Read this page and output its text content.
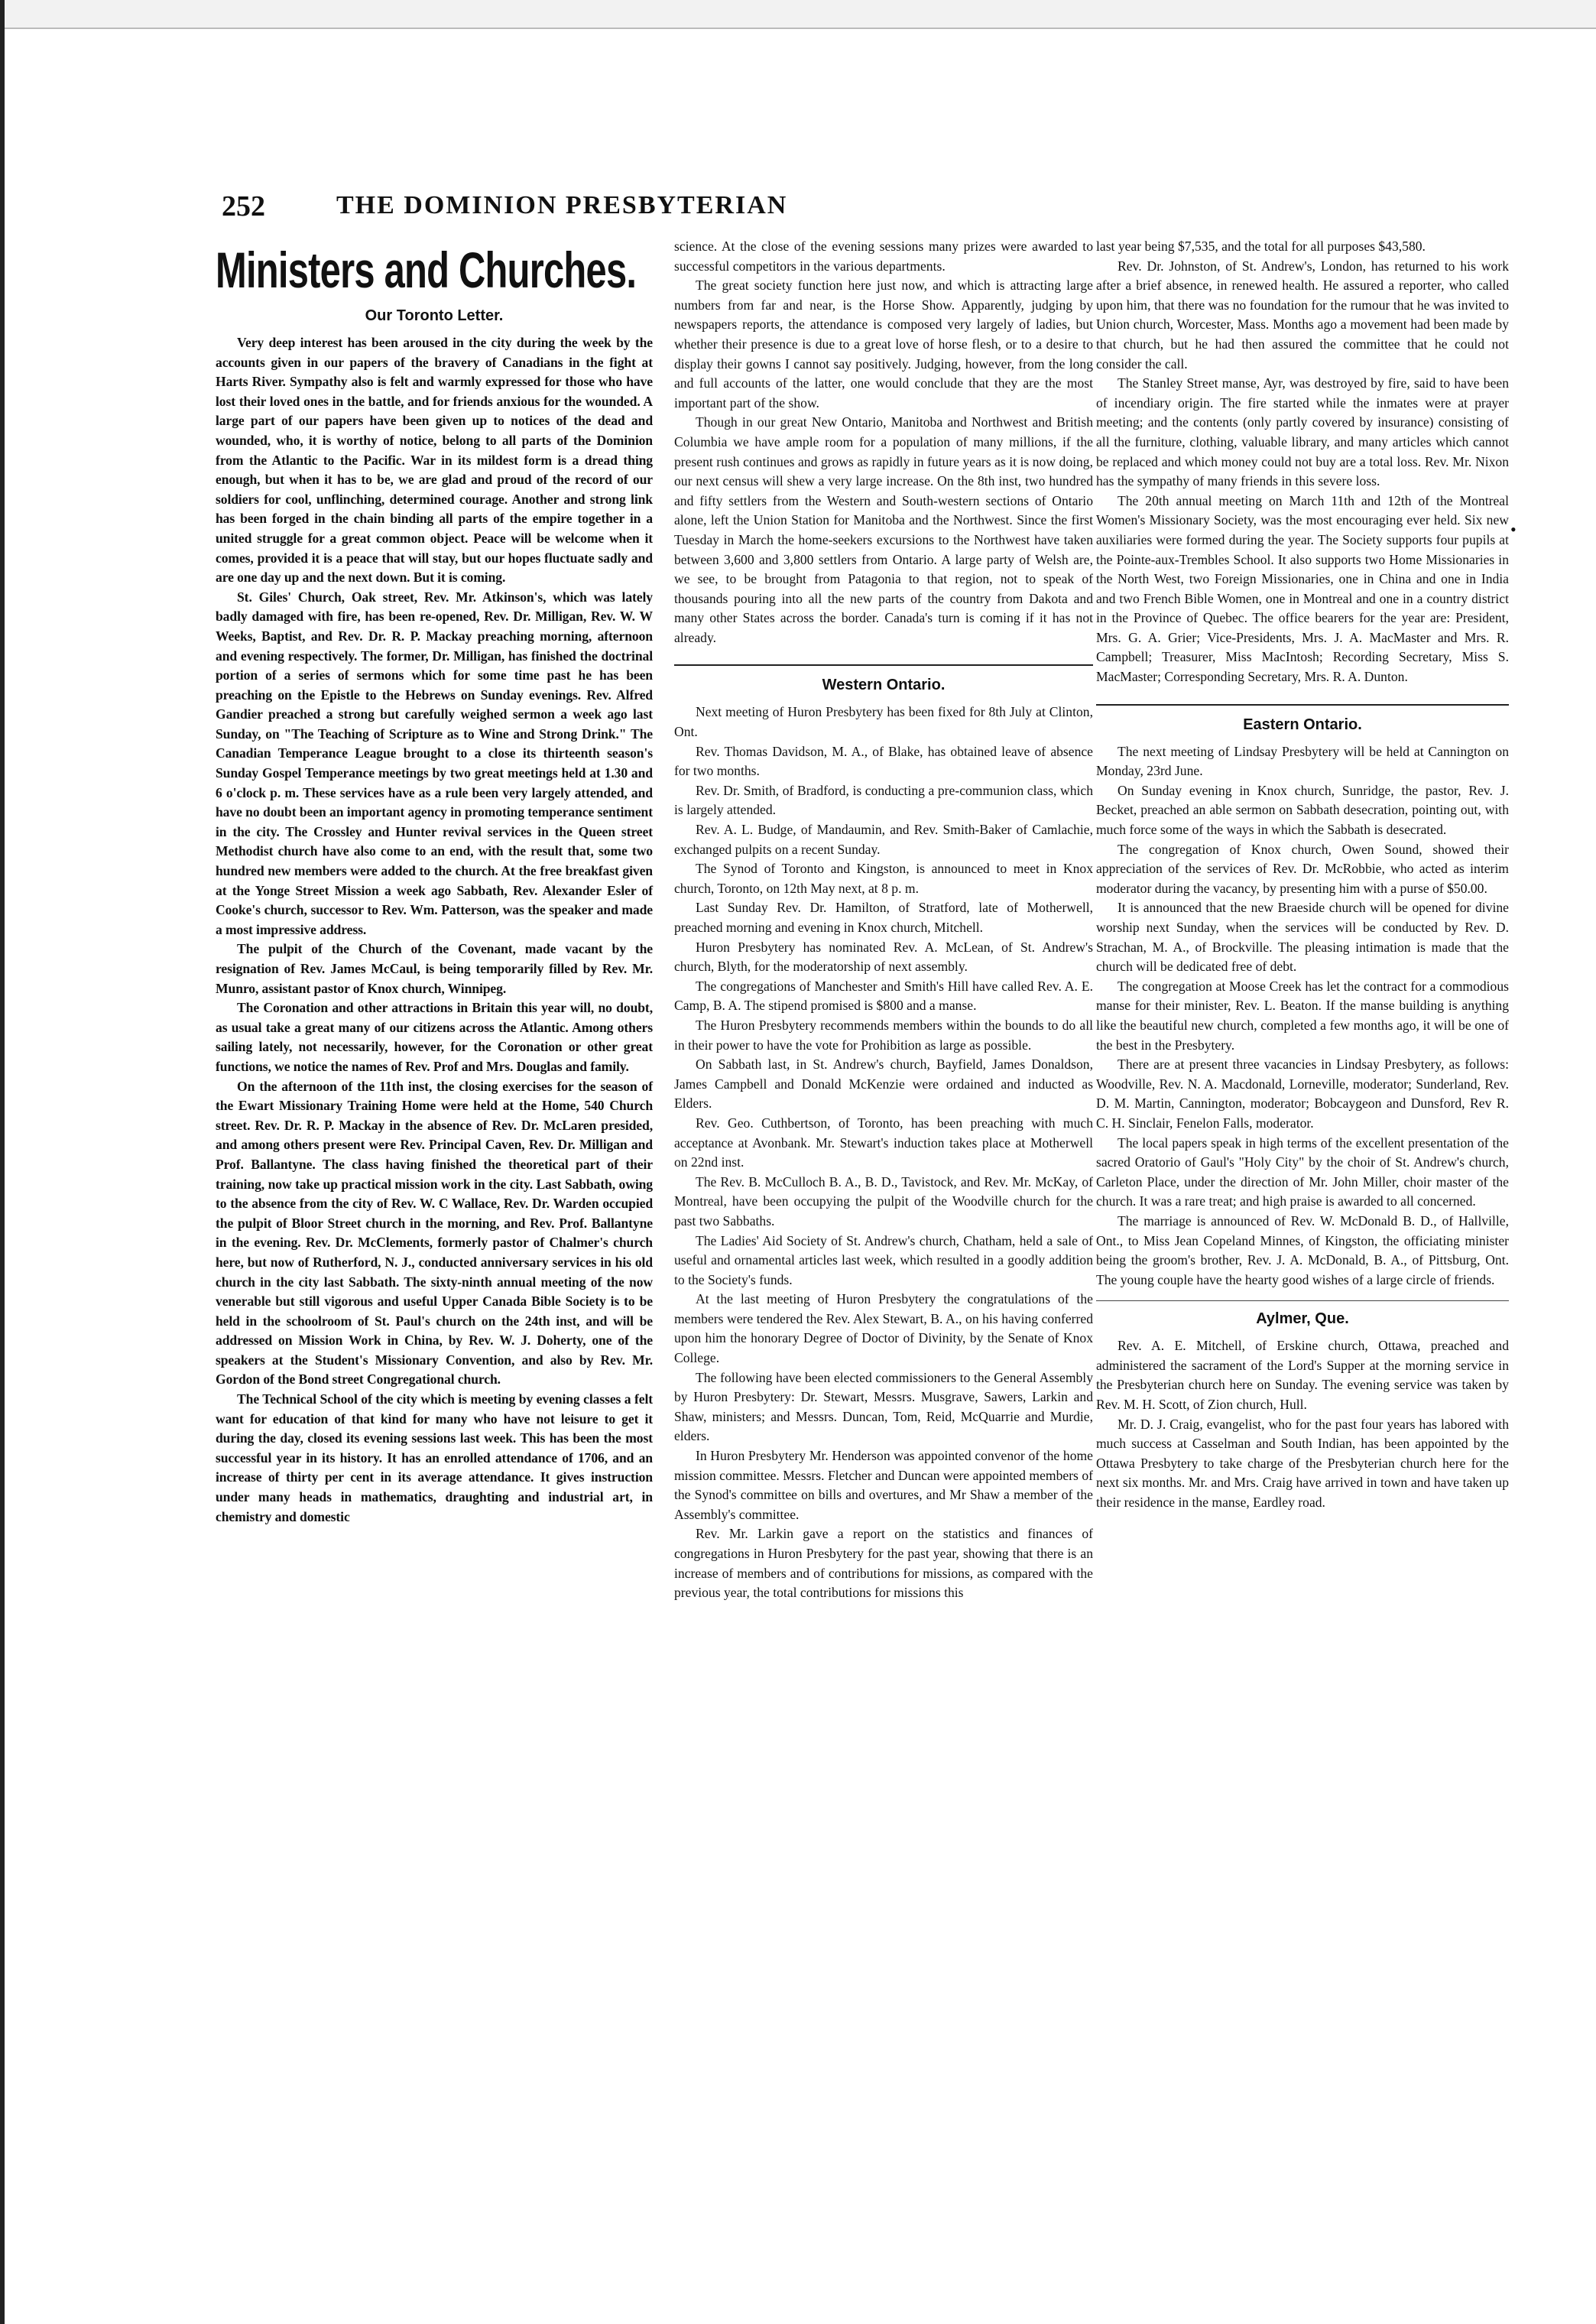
252	THE DOMINION PRESBYTERIAN
Ministers and Churches.
Our Toronto Letter.

Very deep interest has been aroused in the city during the week by the accounts given in our papers of the bravery of Canadians in the fight at Harts River. Sympathy also is felt and warmly expressed for those who have lost their loved ones in the battle, and for friends anxious for the wounded. A large part of our papers have been given up to notices of the dead and wounded, who, it is worthy of notice, belong to all parts of the Dominion from the Atlantic to the Pacific. War in its mildest form is a dread thing enough, but when it has to be, we are glad and proud of the record of our soldiers for cool, unflinching, determined courage. Another and strong link has been forged in the chain binding all parts of the empire together in a united struggle for a great common object. Peace will be welcome when it comes, provided it is a peace that will stay, but our hopes fluctuate sadly and are one day up and the next down. But it is coming.

St. Giles' Church, Oak street, Rev. Mr. Atkinson's, which was lately badly damaged with fire, has been re-opened, Rev. Dr. Milligan, Rev. W. W Weeks, Baptist, and Rev. Dr. R. P. Mackay preaching morning, afternoon and evening respectively. The former, Dr. Milligan, has finished the doctrinal portion of a series of sermons which for some time past he has been preaching on the Epistle to the Hebrews on Sunday evenings. Rev. Alfred Gandier preached a strong but carefully weighed sermon a week ago last Sunday, on "The Teaching of Scripture as to Wine and Strong Drink." The Canadian Temperance League brought to a close its thirteenth season's Sunday Gospel Temperance meetings by two great meetings held at 1.30 and 6 o'clock p. m. These services have as a rule been very largely attended, and have no doubt been an important agency in promoting temperance sentiment in the city. The Crossley and Hunter revival services in the Queen street Methodist church have also come to an end, with the result that, some two hundred new members were added to the church. At the free breakfast given at the Yonge Street Mission a week ago Sabbath, Rev. Alexander Esler of Cooke's church, successor to Rev. Wm. Patterson, was the speaker and made a most impressive address.

The pulpit of the Church of the Covenant, made vacant by the resignation of Rev. James McCaul, is being temporarily filled by Rev. Mr. Munro, assistant pastor of Knox church, Winnipeg.

The Coronation and other attractions in Britain this year will, no doubt, as usual take a great many of our citizens across the Atlantic. Among others sailing lately, not necessarily, however, for the Coronation or other great functions, we notice the names of Rev. Prof and Mrs. Douglas and family.

On the afternoon of the 11th inst, the closing exercises for the season of the Ewart Missionary Training Home were held at the Home, 540 Church street. Rev. Dr. R. P. Mackay in the absence of Rev. Dr. McLaren presided, and among others present were Rev. Principal Caven, Rev. Dr. Milligan and Prof. Ballantyne. The class having finished the theoretical part of their training, now take up practical mission work in the city. Last Sabbath, owing to the absence from the city of Rev. W. C Wallace, Rev. Dr. Warden occupied the pulpit of Bloor Street church in the morning, and Rev. Prof. Ballantyne in the evening. Rev. Dr. McClements, formerly pastor of Chalmer's church here, but now of Rutherford, N. J., conducted anniversary services in his old church in the city last Sabbath. The sixty-ninth annual meeting of the now venerable but still vigorous and useful Upper Canada Bible Society is to be held in the schoolroom of St. Paul's church on the 24th inst, and will be addressed on Mission Work in China, by Rev. W. J. Doherty, one of the speakers at the Student's Missionary Convention, and also by Rev. Mr. Gordon of the Bond street Congregational church.

The Technical School of the city which is meeting by evening classes a felt want for education of that kind for many who have not leisure to get it during the day, closed its evening sessions last week. This has been the most successful year in its history. It has an enrolled attendance of 1706, and an increase of thirty per cent in its average attendance. It gives instruction under many heads in mathematics, draughting and industrial art, in chemistry and domestic

science. At the close of the evening sessions many prizes were awarded to successful competitors in the various departments.

The great society function here just now, and which is attracting large numbers from far and near, is the Horse Show. Apparently, judging by newspapers reports, the attendance is composed very largely of ladies, but whether their presence is due to a great love of horse flesh, or to a desire to display their gowns I cannot say positively. Judging, however, from the long and full accounts of the latter, one would conclude that they are the most important part of the show.

Though in our great New Ontario, Manitoba and Northwest and British Columbia we have ample room for a population of many millions, if the present rush continues and grows as rapidly in future years as it is now doing, our next census will shew a very large increase. On the 8th inst, two hundred and fifty settlers from the Western and South-western sections of Ontario alone, left the Union Station for Manitoba and the Northwest. Since the first Tuesday in March the home-seekers excursions to the Northwest have taken between 3,600 and 3,800 settlers from Ontario. A large party of Welsh are, we see, to be brought from Patagonia to that region, not to speak of thousands pouring into all the new parts of the country from Dakota and many other States across the border. Canada's turn is coming if it has not already.

Western Ontario.

Next meeting of Huron Presbytery has been fixed for 8th July at Clinton, Ont.

Rev. Thomas Davidson, M. A., of Blake, has obtained leave of absence for two months.

Rev. Dr. Smith, of Bradford, is conducting a pre-communion class, which is largely attended.

Rev. A. L. Budge, of Mandaumin, and Rev. Smith-Baker of Camlachie, exchanged pulpits on a recent Sunday.

The Synod of Toronto and Kingston, is announced to meet in Knox church, Toronto, on 12th May next, at 8 p. m.

Last Sunday Rev. Dr. Hamilton, of Stratford, late of Motherwell, preached morning and evening in Knox church, Mitchell.

Huron Presbytery has nominated Rev. A. McLean, of St. Andrew's church, Blyth, for the moderatorship of next assembly.

The congregations of Manchester and Smith's Hill have called Rev. A. E. Camp, B. A. The stipend promised is $800 and a manse.

The Huron Presbytery recommends members within the bounds to do all in their power to have the vote for Prohibition as large as possible.

On Sabbath last, in St. Andrew's church, Bayfield, James Donaldson, James Campbell and Donald McKenzie were ordained and inducted as Elders.

Rev. Geo. Cuthbertson, of Toronto, has been preaching with much acceptance at Avonbank. Mr. Stewart's induction takes place at Motherwell on 22nd inst.

The Rev. B. McCulloch B. A., B. D., Tavistock, and Rev. Mr. McKay, of Montreal, have been occupying the pulpit of the Woodville church for the past two Sabbaths.

The Ladies' Aid Society of St. Andrew's church, Chatham, held a sale of useful and ornamental articles last week, which resulted in a goodly addition to the Society's funds.

At the last meeting of Huron Presbytery the congratulations of the members were tendered the Rev. Alex Stewart, B. A., on his having conferred upon him the honorary Degree of Doctor of Divinity, by the Senate of Knox College.

The following have been elected commissioners to the General Assembly by Huron Presbytery: Dr. Stewart, Messrs. Musgrave, Sawers, Larkin and Shaw, ministers; and Messrs. Duncan, Tom, Reid, McQuarrie and Murdie, elders.

In Huron Presbytery Mr. Henderson was appointed convenor of the home mission committee. Messrs. Fletcher and Duncan were appointed members of the Synod's committee on bills and overtures, and Mr Shaw a member of the Assembly's committee.

Rev. Mr. Larkin gave a report on the statistics and finances of congregations in Huron Presbytery for the past year, showing that there is an increase of members and of contributions for missions, as compared with the previous year, the total contributions for missions this

last year being $7,535, and the total for all purposes $43,580.

Rev. Dr. Johnston, of St. Andrew's, London, has returned to his work after a brief absence, in renewed health. He assured a reporter, who called upon him, that there was no foundation for the rumour that he was invited to Union church, Worcester, Mass. Months ago a movement had been made by that church, but he had then assured the committee that he could not consider the call.

The Stanley Street manse, Ayr, was destroyed by fire, said to have been of incendiary origin. The fire started while the inmates were at prayer meeting; and the contents (only partly covered by insurance) consisting of all the furniture, clothing, valuable library, and many articles which cannot be replaced and which money could not buy are a total loss. Rev. Mr. Nixon has the sympathy of many friends in this severe loss.

The 20th annual meeting on March 11th and 12th of the Montreal Women's Missionary Society, was the most encouraging ever held. Six new auxiliaries were formed during the year. The Society supports four pupils at the Pointe-aux-Trembles School. It also supports two Home Missionaries in the North West, two Foreign Missionaries, one in China and one in India and two French Bible Women, one in Montreal and one in a country district in the Province of Quebec. The office bearers for the year are: President, Mrs. G. A. Grier; Vice-Presidents, Mrs. J. A. MacMaster and Mrs. R. Campbell; Treasurer, Miss MacIntosh; Recording Secretary, Miss S. MacMaster; Corresponding Secretary, Mrs. R. A. Dunton.

Eastern Ontario.

The next meeting of Lindsay Presbytery will be held at Cannington on Monday, 23rd June.

On Sunday evening in Knox church, Sunridge, the pastor, Rev. J. Becket, preached an able sermon on Sabbath desecration, pointing out, with much force some of the ways in which the Sabbath is desecrated.

The congregation of Knox church, Owen Sound, showed their appreciation of the services of Rev. Dr. McRobbie, who acted as interim moderator during the vacancy, by presenting him with a purse of $50.00.

It is announced that the new Braeside church will be opened for divine worship next Sunday, when the services will be conducted by Rev. D. Strachan, M. A., of Brockville. The pleasing intimation is made that the church will be dedicated free of debt.

The congregation at Moose Creek has let the contract for a commodious manse for their minister, Rev. L. Beaton. If the manse building is anything like the beautiful new church, completed a few months ago, it will be one of the best in the Presbytery.

There are at present three vacancies in Lindsay Presbytery, as follows: Woodville, Rev. N. A. Macdonald, Lorneville, moderator; Sunderland, Rev. D. M. Martin, Cannington, moderator; Bobcaygeon and Dunsford, Rev R. C. H. Sinclair, Fenelon Falls, moderator.

The local papers speak in high terms of the excellent presentation of the sacred Oratorio of Gaul's "Holy City" by the choir of St. Andrew's church, Carleton Place, under the direction of Mr. John Miller, choir master of the church. It was a rare treat; and high praise is awarded to all concerned.

The marriage is announced of Rev. W. McDonald B. D., of Hallville, Ont., to Miss Jean Copeland Minnes, of Kingston, the officiating minister being the groom's brother, Rev. J. A. McDonald, B. A., of Pittsburg, Ont. The young couple have the hearty good wishes of a large circle of friends.

Aylmer, Que.

Rev. A. E. Mitchell, of Erskine church, Ottawa, preached and administered the sacrament of the Lord's Supper at the morning service in the Presbyterian church here on Sunday. The evening service was taken by Rev. M. H. Scott, of Zion church, Hull.

Mr. D. J. Craig, evangelist, who for the past four years has labored with much success at Casselman and South Indian, has been appointed by the Ottawa Presbytery to take charge of the Presbyterian church here for the next six months. Mr. and Mrs. Craig have arrived in town and have taken up their residence in the manse, Eardley road.

•
